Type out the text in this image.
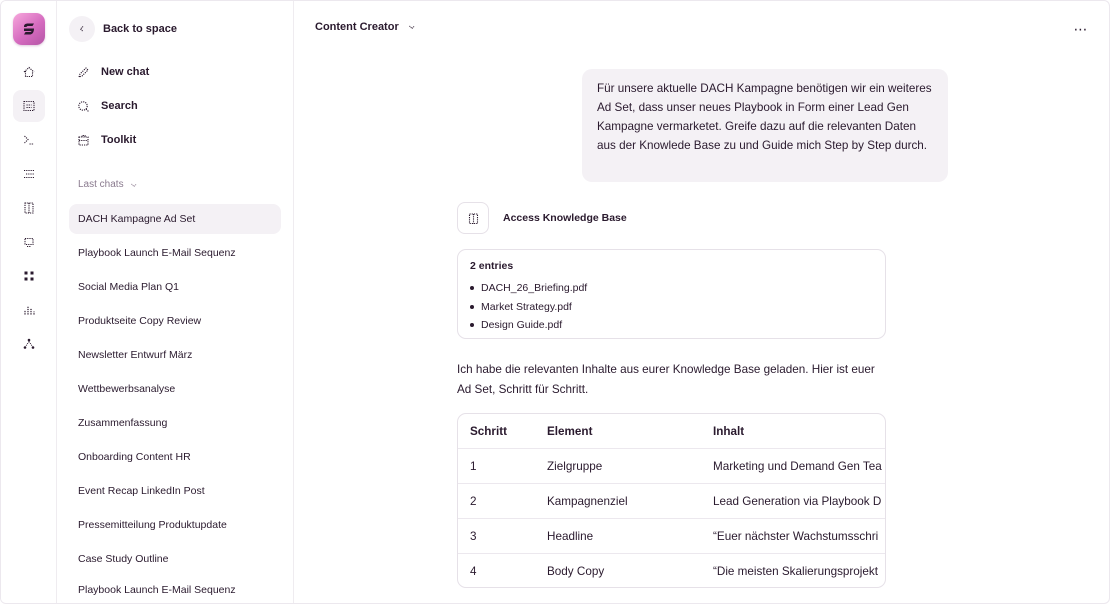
Back to space
New chat
Search
Toolkit
Last chats
DACH Kampagne Ad Set
Playbook Launch E-Mail Sequenz
Social Media Plan Q1
Produktseite Copy Review
Newsletter Entwurf März
Wettbewerbsanalyse
Zusammenfassung
Onboarding Content HR
Event Recap LinkedIn Post
Pressemitteilung Produktupdate
Case Study Outline
Playbook Launch E-Mail Sequenz
Content Creator	⋯
Für unsere aktuelle DACH Kampagne benötigen wir ein weiteres Ad Set, dass unser neues Playbook in Form einer Lead Gen Kampagne vermarketet. Greife dazu auf die relevanten Daten aus der Knowlede Base zu und Guide mich Step by Step durch.
Access Knowledge Base
2 entries
DACH_26_Briefing.pdf
Market Strategy.pdf
Design Guide.pdf
Ich habe die relevanten Inhalte aus eurer Knowledge Base geladen. Hier ist euer Ad Set, Schritt für Schritt.
Schritt	Element	Inhalt
1	Zielgruppe	Marketing und Demand Gen Tea
2	Kampagnenziel	Lead Generation via Playbook D
3	Headline	“Euer nächster Wachstumsschri
4	Body Copy	“Die meisten Skalierungsprojekt
